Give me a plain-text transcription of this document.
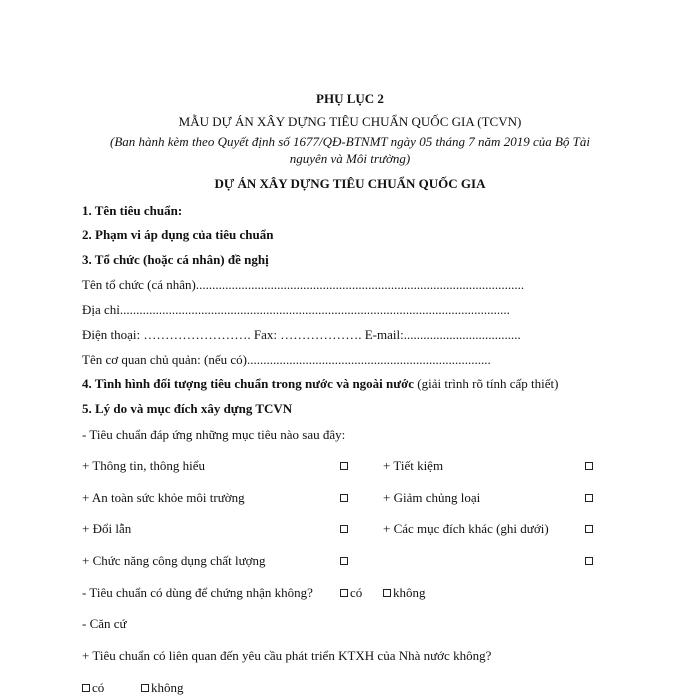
PHỤ LỤC 2
MẪU DỰ ÁN XÂY DỰNG TIÊU CHUẨN QUỐC GIA (TCVN)
(Ban hành kèm theo Quyết định số 1677/QĐ-BTNMT ngày 05 tháng 7 năm 2019 của Bộ Tài
nguyên và Môi trường)
DỰ ÁN XÂY DỰNG TIÊU CHUẨN QUỐC GIA
1. Tên tiêu chuẩn:
2. Phạm vi áp dụng của tiêu chuẩn
3. Tổ chức (hoặc cá nhân) đề nghị
Tên tổ chức (cá nhân).....................................................................................................
Địa chỉ........................................................................................................................
Điện thoại: ……………………. Fax: ………………. E-mail:....................................
Tên cơ quan chủ quản: (nếu có)...........................................................................
4. Tình hình đối tượng tiêu chuẩn trong nước và ngoài nước (giải trình rõ tính cấp thiết)
5. Lý do và mục đích xây dựng TCVN
- Tiêu chuẩn đáp ứng những mục tiêu nào sau đây:
+ Thông tin, thông hiểu
+ An toàn sức khỏe môi trường
+ Đổi lẫn
+ Chức năng công dụng chất lượng
+ Tiết kiệm
+ Giảm chủng loại
+ Các mục đích khác (ghi dưới)
- Tiêu chuẩn có dùng để chứng nhận không?	có không
- Căn cứ
+ Tiêu chuẩn có liên quan đến yêu cầu phát triển KTXH của Nhà nước không?
có	không
